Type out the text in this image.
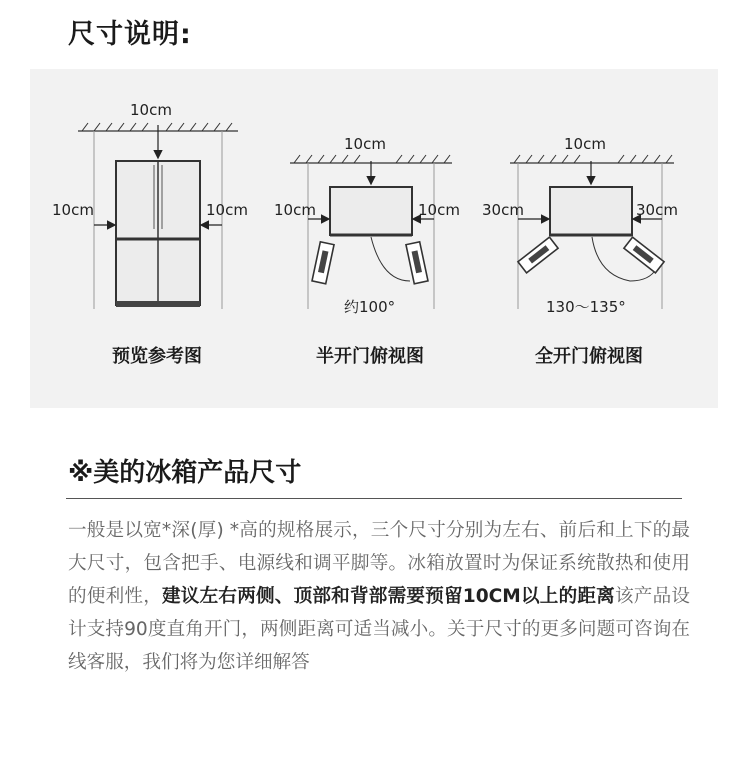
尺寸说明:
10cm
10cm	10cm
10cm
10cm	10cm
约100°
10cm
30cm	30cm
130～135°
预览参考图	半开门俯视图	全开门俯视图
※美的冰箱产品尺寸
一般是以宽*深(厚) *高的规格展示，三个尺寸分别为左右、前后和上下的最大尺寸，包含把手、电源线和调平脚等。冰箱放置时为保证系统散热和使用的便利性，建议左右两侧、顶部和背部需要预留10CM以上的距离该产品设计支持90度直角开门，两侧距离可适当减小。关于尺寸的更多问题可咨询在线客服，我们将为您详细解答
